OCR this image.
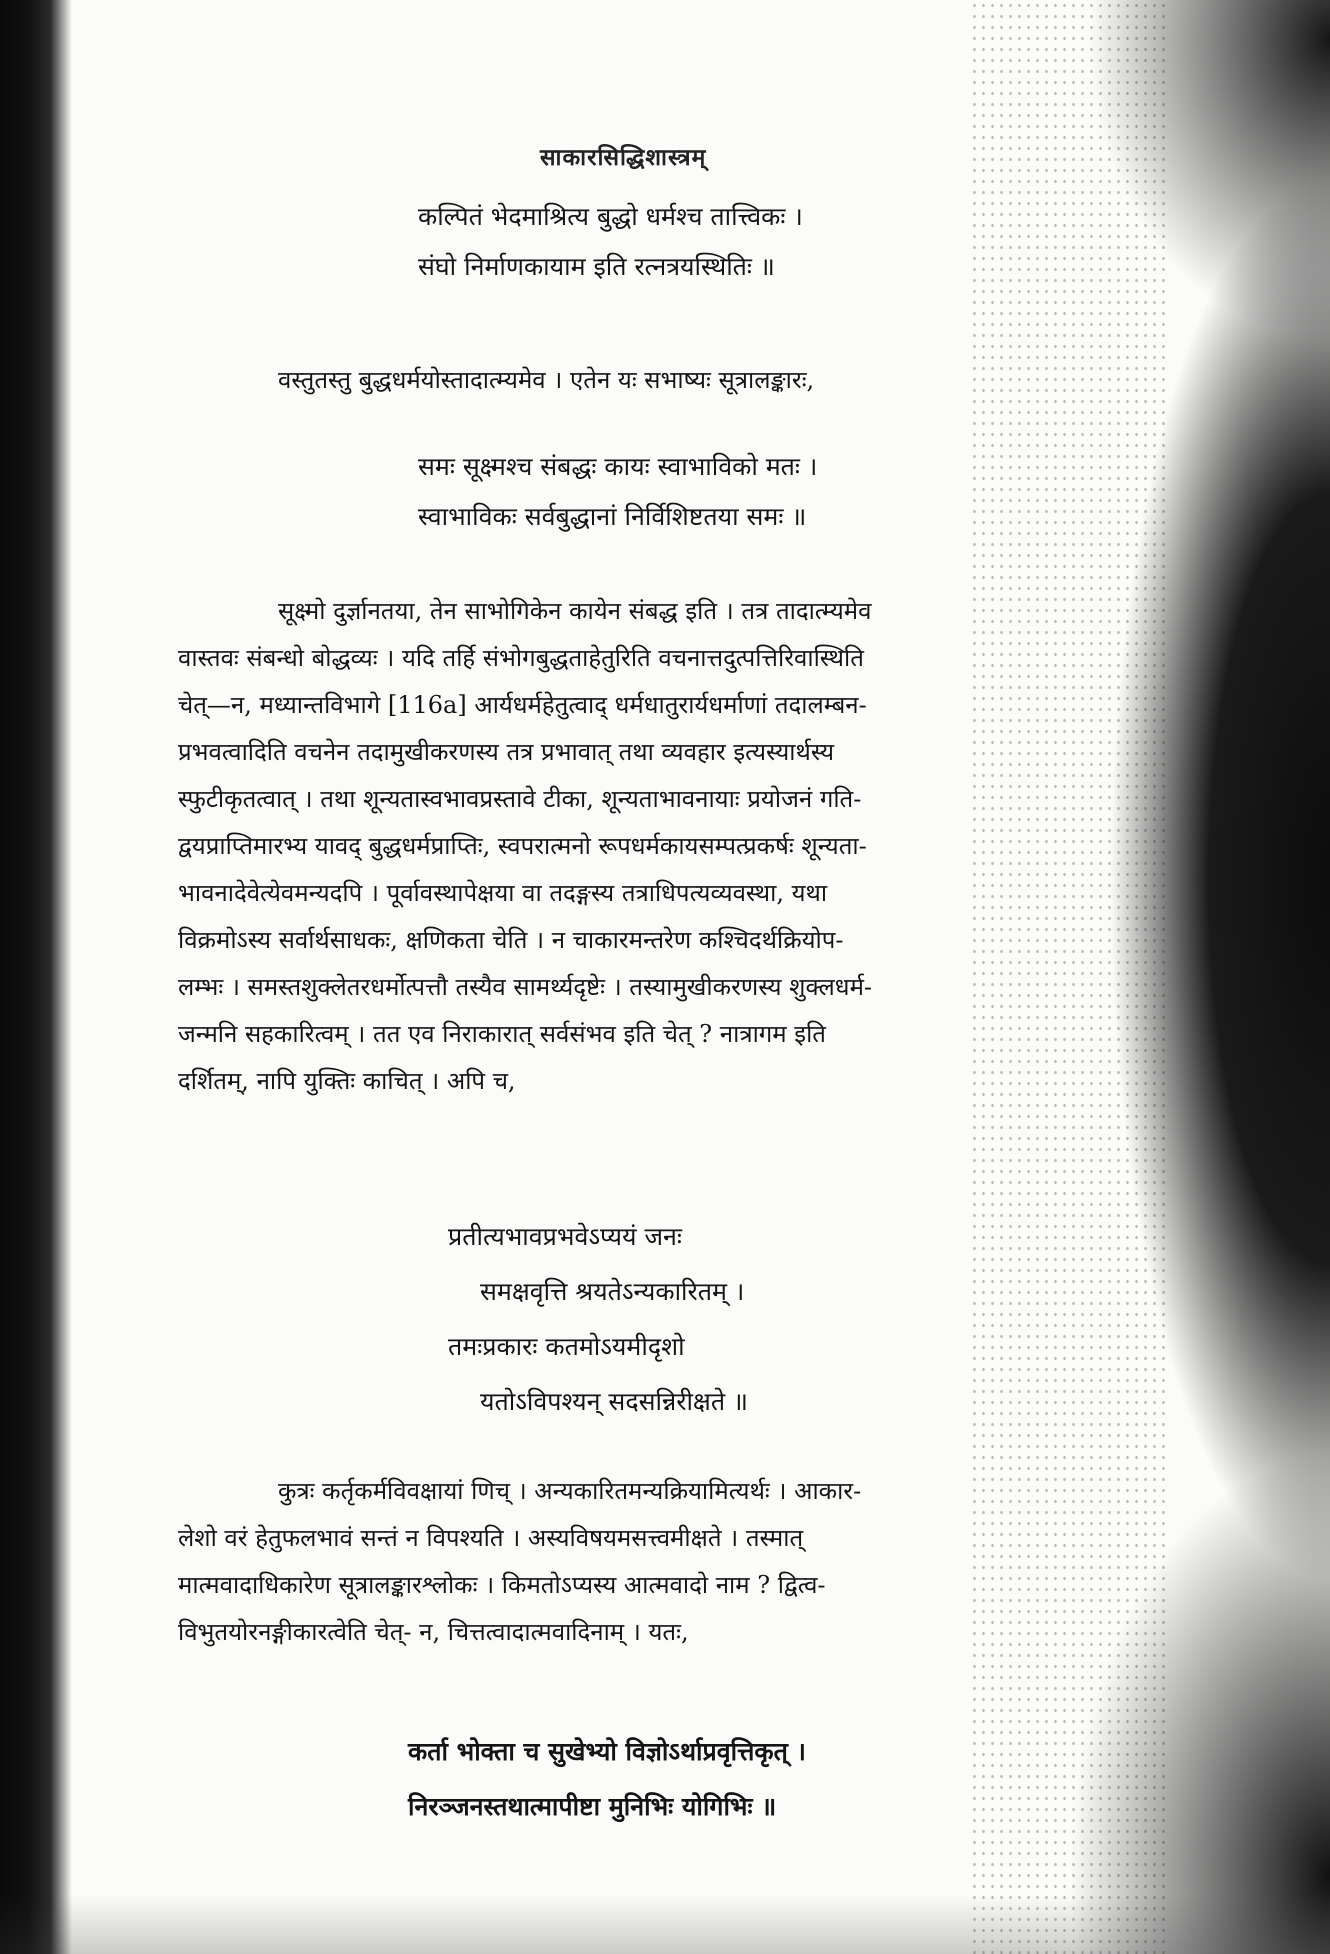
साकारसिद्धिशास्त्रम्
कल्पितं भेदमाश्रित्य बुद्धो धर्मश्च तात्त्विकः ।
संघो निर्माणकायाम इति रत्नत्रयस्थितिः ॥
वस्तुतस्तु बुद्धधर्मयोस्तादात्म्यमेव । एतेन यः सभाष्यः सूत्रालङ्कारः,
समः सूक्ष्मश्च संबद्धः कायः स्वाभाविको मतः ।
स्वाभाविकः सर्वबुद्धानां निर्विशिष्टतया समः ॥
सूक्ष्मो दुर्ज्ञानतया, तेन साभोगिकेन कायेन संबद्ध इति । तत्र तादात्म्यमेव
वास्तवः संबन्धो बोद्धव्यः । यदि तर्हि संभोगबुद्धताहेतुरिति वचनात्तदुत्पत्तिरिवास्थिति
चेत्—न, मध्यान्तविभागे [116a] आर्यधर्महेतुत्वाद् धर्मधातुरार्यधर्माणां तदालम्बन-
प्रभवत्वादिति वचनेन तदामुखीकरणस्य तत्र प्रभावात् तथा व्यवहार इत्यस्यार्थस्य
स्फुटीकृतत्वात् । तथा शून्यतास्वभावप्रस्तावे टीका, शून्यताभावनायाः प्रयोजनं गति-
द्वयप्राप्तिमारभ्य यावद् बुद्धधर्मप्राप्तिः, स्वपरात्मनो रूपधर्मकायसम्पत्प्रकर्षः शून्यता-
भावनादेवेत्येवमन्यदपि । पूर्वावस्थापेक्षया वा तदङ्गस्य तत्राधिपत्यव्यवस्था, यथा
विक्रमोऽस्य सर्वार्थसाधकः, क्षणिकता चेति । न चाकारमन्तरेण कश्चिदर्थक्रियोप-
लम्भः । समस्तशुक्लेतरधर्मोत्पत्तौ तस्यैव सामर्थ्यदृष्टेः । तस्यामुखीकरणस्य शुक्लधर्म-
जन्मनि सहकारित्वम् । तत एव निराकारात् सर्वसंभव इति चेत् ? नात्रागम इति
दर्शितम्, नापि युक्तिः काचित् । अपि च,
प्रतीत्यभावप्रभवेऽप्ययं जनः
समक्षवृत्ति श्रयतेऽन्यकारितम् ।
तमःप्रकारः कतमोऽयमीदृशो
यतोऽविपश्यन् सदसन्निरीक्षते ॥
कुत्रः कर्तृकर्मविवक्षायां णिच् । अन्यकारितमन्यक्रियामित्यर्थः । आकार-
लेशो वरं हेतुफलभावं सन्तं न विपश्यति । अस्यविषयमसत्त्वमीक्षते । तस्मात्
मात्मवादाधिकारेण सूत्रालङ्कारश्लोकः । किमतोऽप्यस्य आत्मवादो नाम ? द्वित्व-
विभुतयोरनङ्गीकारत्वेति चेत्- न, चित्तत्वादात्मवादिनाम् । यतः,
कर्ता भोक्ता च सुखेभ्यो विज्ञोऽर्थाप्रवृत्तिकृत् ।
निरञ्जनस्तथात्मापीष्टा मुनिभिः योगिभिः ॥
